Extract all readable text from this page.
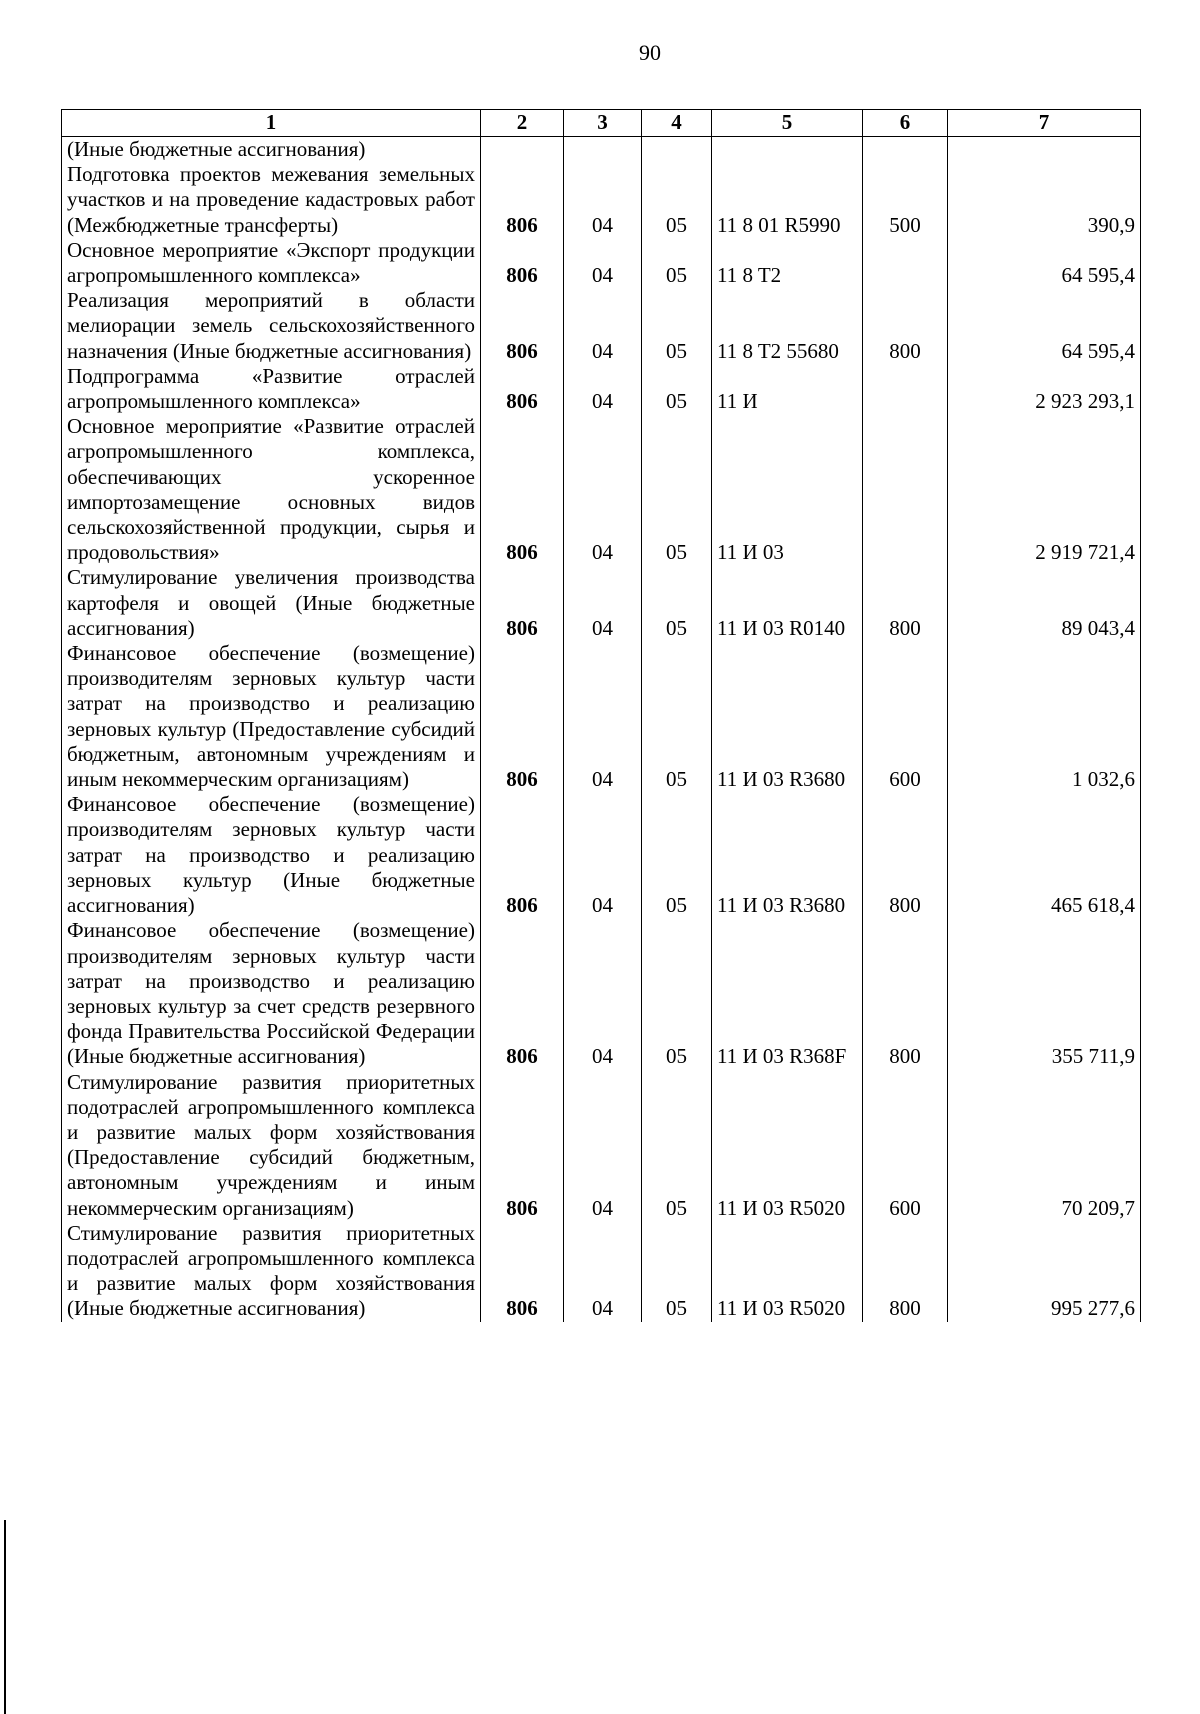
90
1	2	3	4	5	6	7
(Иные бюджетные ассигнования)						
Подготовка проектов межевания земельных участков и на проведение кадастровых работ (Межбюджетные трансферты)	806	04	05	11 8 01 R5990	500	390,9
Основное мероприятие «Экспорт продукции агропромышленного комплекса»	806	04	05	11 8 T2		64 595,4
Реализация мероприятий в области мелиорации земель сельскохозяйственного назначения (Иные бюджетные ассигнования)	806	04	05	11 8 T2 55680	800	64 595,4
Подпрограмма «Развитие отраслей агропромышленного комплекса»	806	04	05	11 И		2 923 293,1
Основное мероприятие «Развитие отраслей агропромышленного комплекса, обеспечивающих ускоренное импортозамещение основных видов сельскохозяйственной продукции, сырья и продовольствия»	806	04	05	11 И 03		2 919 721,4
Стимулирование увеличения производства картофеля и овощей (Иные бюджетные ассигнования)	806	04	05	11 И 03 R0140	800	89 043,4
Финансовое обеспечение (возмещение) производителям зерновых культур части затрат на производство и реализацию зерновых культур (Предоставление субсидий бюджетным, автономным учреждениям и иным некоммерческим организациям)	806	04	05	11 И 03 R3680	600	1 032,6
Финансовое обеспечение (возмещение) производителям зерновых культур части затрат на производство и реализацию зерновых культур (Иные бюджетные ассигнования)	806	04	05	11 И 03 R3680	800	465 618,4
Финансовое обеспечение (возмещение) производителям зерновых культур части затрат на производство и реализацию зерновых культур за счет средств резервного фонда Правительства Российской Федерации (Иные бюджетные ассигнования)	806	04	05	11 И 03 R368F	800	355 711,9
Стимулирование развития приоритетных подотраслей агропромышленного комплекса и развитие малых форм хозяйствования (Предоставление субсидий бюджетным, автономным учреждениям и иным некоммерческим организациям)	806	04	05	11 И 03 R5020	600	70 209,7
Стимулирование развития приоритетных подотраслей агропромышленного комплекса и развитие малых форм хозяйствования (Иные бюджетные ассигнования)	806	04	05	11 И 03 R5020	800	995 277,6
